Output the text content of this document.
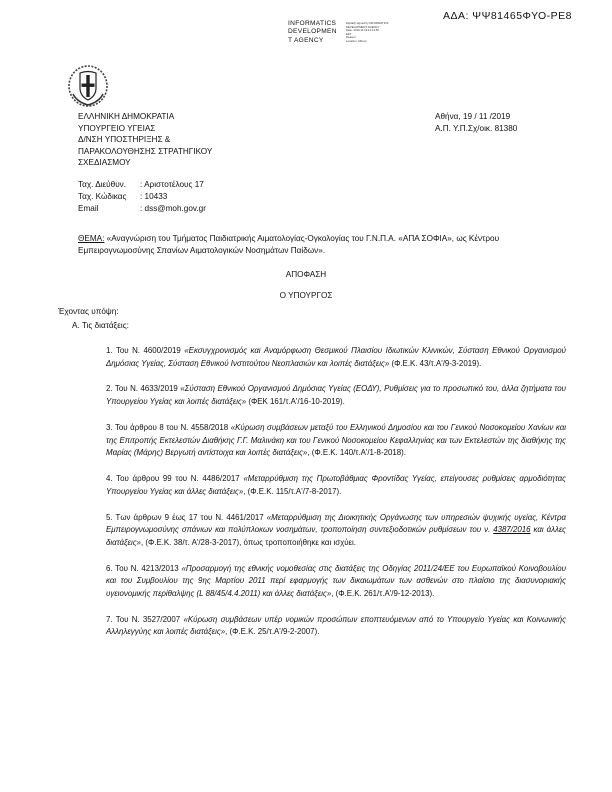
ΑΔΑ: ΨΨ81465ΦΥΟ-ΡΕ8
INFORMATICS
DEVELOPMEN
T AGENCY
Digitally signed by INFORMATICS
DEVELOPMENT AGENCY
Date: 2019.11.19 14:13:50
EET
Reason:
Location: Athens
ΕΛΛΗΝΙΚΗ ΔΗΜΟΚΡΑΤΙΑ
ΥΠΟΥΡΓΕΙΟ ΥΓΕΙΑΣ
Δ/ΝΣΗ ΥΠΟΣΤΗΡΙΞΗΣ &
ΠΑΡΑΚΟΛΟΥΘΗΣΗΣ ΣΤΡΑΤΗΓΙΚΟΥ
ΣΧΕΔΙΑΣΜΟΥ
Ταχ. Διεύθυν.	: Αριστοτέλους 17
Ταχ. Κώδικας	: 10433
Email	: dss@moh.gov.gr
Αθήνα, 19 / 11 /2019
Α.Π. Υ.Π.Σχ/οικ. 81380
ΘΕΜΑ: «Αναγνώριση του Τμήματος Παιδιατρικής Αιματολογίας-Ογκολογίας του Γ.Ν.Π.Α. «ΑΠΑ ΣΟΦΙΑ», ως Κέντρου Εμπειρογνωμοσύνης Σπανίων Αιματολογικών Νοσημάτων Παίδων».
ΑΠΟΦΑΣΗ
Ο ΥΠΟΥΡΓΟΣ
Έχοντας υπόψη:
Α. Τις διατάξεις:
1. Του Ν. 4600/2019 «Εκσυγχρονισμός και Αναμόρφωση Θεσμικού Πλαισίου Ιδιωτικών Κλινικών, Σύσταση Εθνικού Οργανισμού Δημόσιας Υγείας, Σύσταση Εθνικού Ινστιτούτου Νεοπλασιών και λοιπές διατάξεις» (Φ.Ε.Κ. 43/τ.Α'/9-3-2019).
2. Του Ν. 4633/2019 «Σύσταση Εθνικού Οργανισμού Δημόσιας Υγείας (ΕΟΔΥ), Ρυθμίσεις για το προσωπικό του, άλλα ζητήματα του Υπουργείου Υγείας και λοιπές διατάξεις» (ΦΕΚ 161/τ.Α'/16-10-2019).
3. Του άρθρου 8 του Ν. 4558/2018 «Κύρωση συμβάσεων μεταξύ του Ελληνικού Δημοσίου και του Γενικού Νοσοκομείου Χανίων και της Επιτροπής Εκτελεστών Διαθήκης Γ.Γ. Μαλινάκη και του Γενικού Νοσοκομείου Κεφαλληνίας και των Εκτελεστών της διαθήκης της Μαρίας (Μάρης) Βεργωτή αντίστοιχα και λοιπές διατάξεις», (Φ.Ε.Κ. 140/τ.Α'/1-8-2018).
4. Του άρθρου 99 του Ν. 4486/2017 «Μεταρρύθμιση της Πρωτοβάθμιας Φροντίδας Υγείας, επείγουσες ρυθμίσεις αρμοδιότητας Υπουργείου Υγείας και άλλες διατάξεις», (Φ.Ε.Κ. 115/τ.Α'/7-8-2017).
5. Των άρθρων 9 έως 17 του Ν. 4461/2017 «Μεταρρύθμιση της Διοικητικής Οργάνωσης των υπηρεσιών ψυχικής υγείας, Κέντρα Εμπειρογνωμοσύνης σπάνιων και πολύπλοκων νοσημάτων, τροποποίηση συντεξιοδοτικών ρυθμίσεων του ν. 4387/2016 και άλλες διατάξεις», (Φ.Ε.Κ. 38/τ. Α'/28-3-2017), όπως τροποποιήθηκε και ισχύει.
6. Του Ν. 4213/2013 «Προσαρμογή της εθνικής νομοθεσίας στις διατάξεις της Οδηγίας 2011/24/ΕΕ του Ευρωπαϊκού Κοινοβουλίου και του Συμβουλίου της 9ης Μαρτίου 2011 περί εφαρμογής των δικαιωμάτων των ασθενών στο πλαίσιο της διασυνοριακής υγειονομικής περίθαλψης (L 88/45/4.4.2011) και άλλες διατάξεις», (Φ.Ε.Κ. 261/τ.Α'/9-12-2013).
7. Του Ν. 3527/2007 «Κύρωση συμβάσεων υπέρ νομικών προσώπων εποπτευόμενων από το Υπουργείο Υγείας και Κοινωνικής Αλληλεγγύης και λοιπές διατάξεις», (Φ.Ε.Κ. 25/τ.Α'/9-2-2007).
